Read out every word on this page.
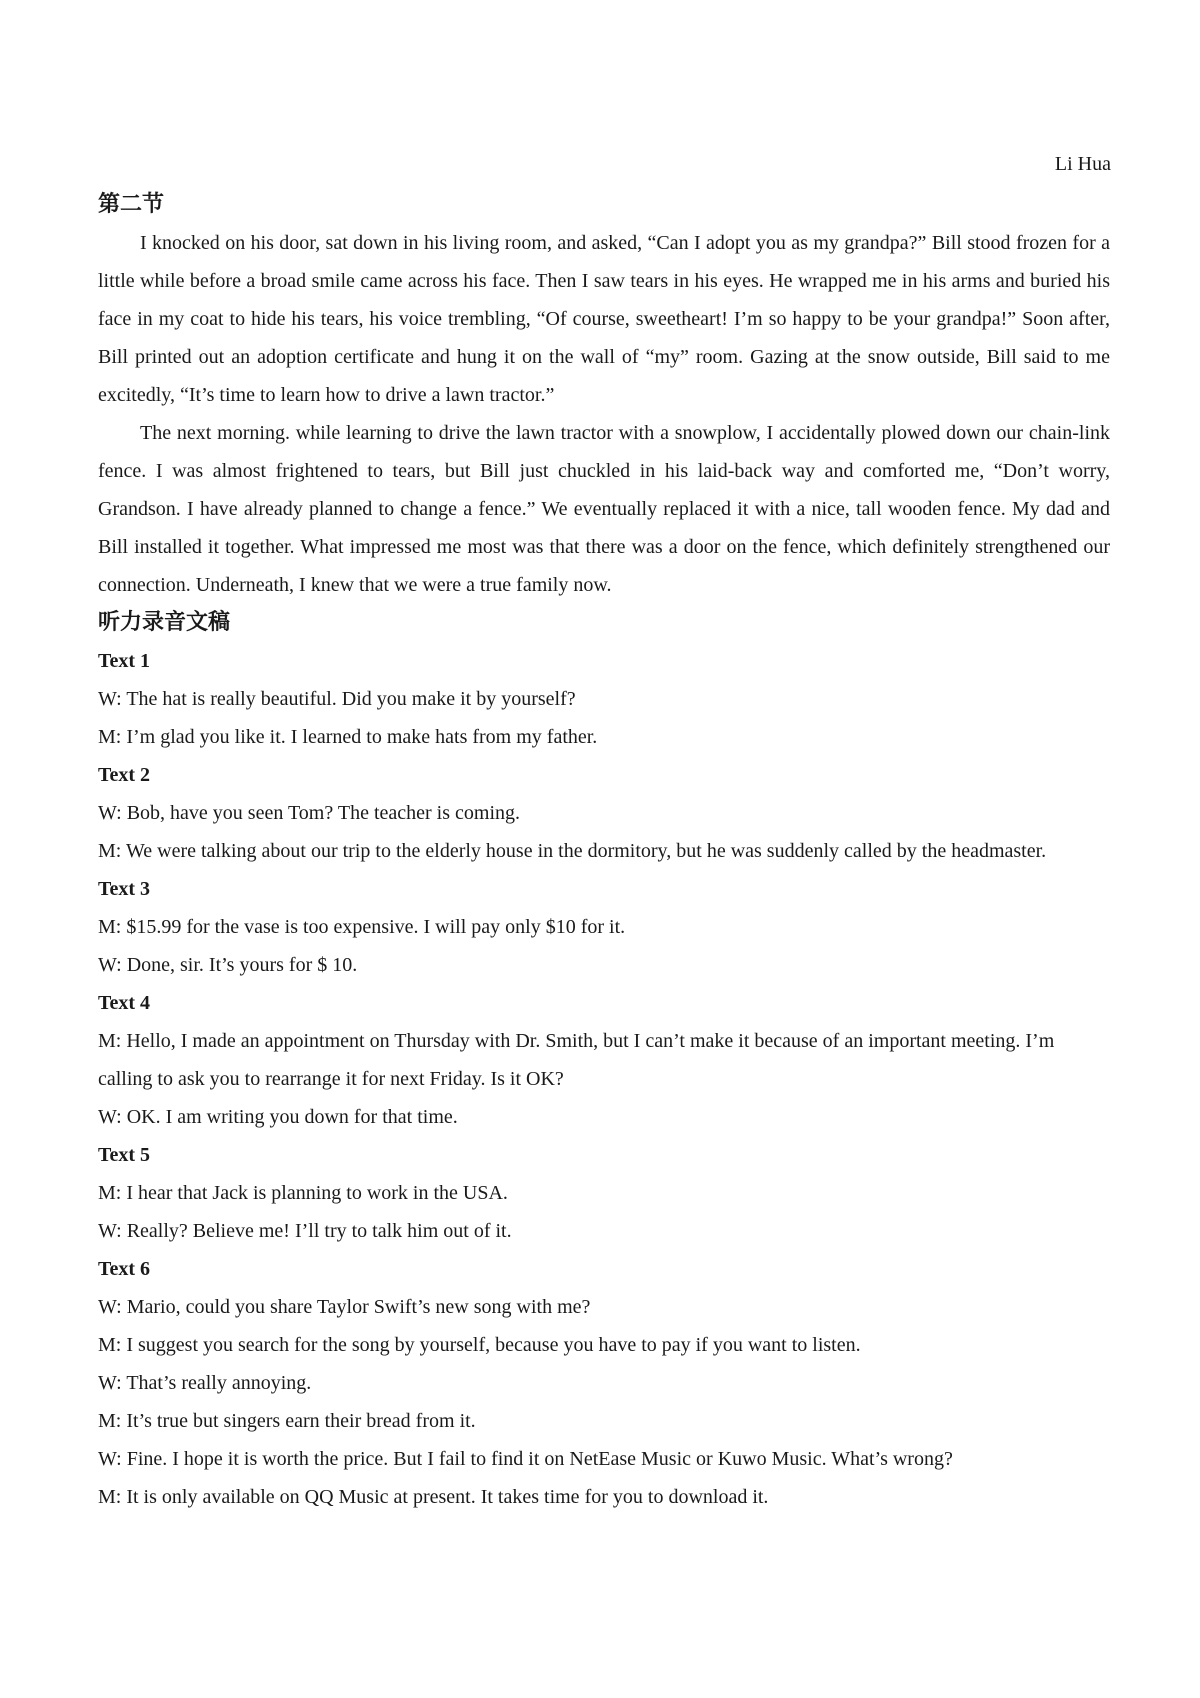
Li Hua
第二节

I knocked on his door, sat down in his living room, and asked, “Can I adopt you as my grandpa?” Bill stood frozen for a little while before a broad smile came across his face. Then I saw tears in his eyes. He wrapped me in his arms and buried his face in my coat to hide his tears, his voice trembling, “Of course, sweetheart! I’m so happy to be your grandpa!” Soon after, Bill printed out an adoption certificate and hung it on the wall of “my” room. Gazing at the snow outside, Bill said to me excitedly, “It’s time to learn how to drive a lawn tractor.”

The next morning. while learning to drive the lawn tractor with a snowplow, I accidentally plowed down our chain-link fence. I was almost frightened to tears, but Bill just chuckled in his laid-back way and comforted me, “Don’t worry, Grandson. I have already planned to change a fence.” We eventually replaced it with a nice, tall wooden fence. My dad and Bill installed it together. What impressed me most was that there was a door on the fence, which definitely strengthened our connection. Underneath, I knew that we were a true family now.

听力录音文稿

Text 1

W: The hat is really beautiful. Did you make it by yourself?

M: I’m glad you like it. I learned to make hats from my father.

Text 2

W: Bob, have you seen Tom? The teacher is coming.

M: We were talking about our trip to the elderly house in the dormitory, but he was suddenly called by the headmaster.

Text 3

M: $15.99 for the vase is too expensive. I will pay only $10 for it.

W: Done, sir. It’s yours for $ 10.

Text 4

M: Hello, I made an appointment on Thursday with Dr. Smith, but I can’t make it because of an important meeting. I’m calling to ask you to rearrange it for next Friday. Is it OK?

W: OK. I am writing you down for that time.

Text 5

M: I hear that Jack is planning to work in the USA.

W: Really? Believe me! I’ll try to talk him out of it.

Text 6

W: Mario, could you share Taylor Swift’s new song with me?

M: I suggest you search for the song by yourself, because you have to pay if you want to listen.

W: That’s really annoying.

M: It’s true but singers earn their bread from it.

W: Fine. I hope it is worth the price. But I fail to find it on NetEase Music or Kuwo Music. What’s wrong?

M: It is only available on QQ Music at present. It takes time for you to download it.
